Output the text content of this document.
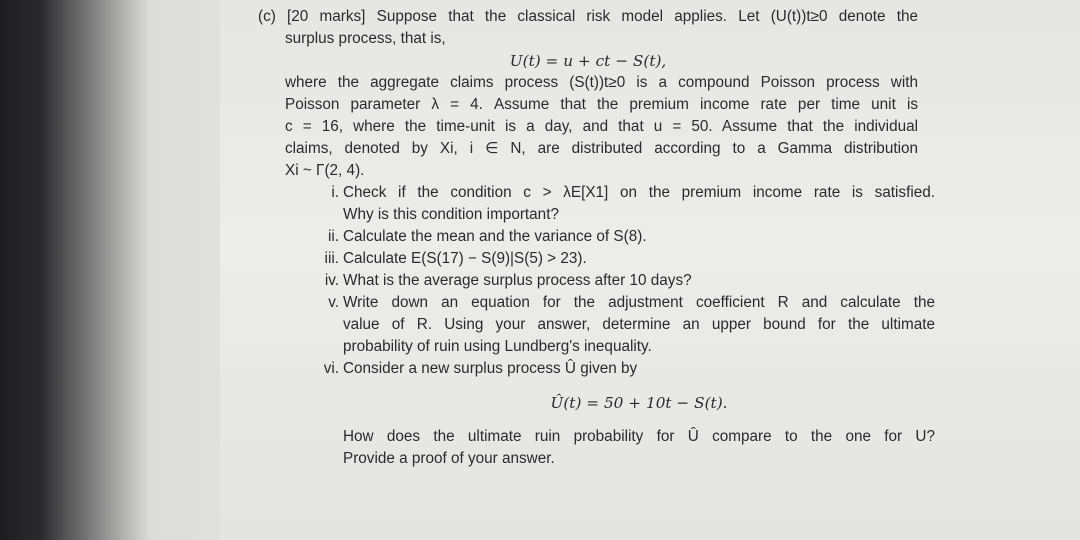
(c) [20 marks] Suppose that the classical risk model applies. Let (U(t))t≥0 denote the
surplus process, that is,
U(t) = u + ct − S(t),
where the aggregate claims process (S(t))t≥0 is a compound Poisson process with
Poisson parameter λ = 4. Assume that the premium income rate per time unit is
c = 16, where the time-unit is a day, and that u = 50. Assume that the individual
claims, denoted by Xi, i ∈ N, are distributed according to a Gamma distribution
Xi ~ Γ(2, 4).
i. Check if the condition c > λE[X1] on the premium income rate is satisfied.
Why is this condition important?
ii. Calculate the mean and the variance of S(8).
iii. Calculate E(S(17) − S(9)|S(5) > 23).
iv. What is the average surplus process after 10 days?
v. Write down an equation for the adjustment coefficient R and calculate the
value of R. Using your answer, determine an upper bound for the ultimate
probability of ruin using Lundberg's inequality.
vi. Consider a new surplus process Û given by
Û(t) = 50 + 10t − S(t).
How does the ultimate ruin probability for Û compare to the one for U?
Provide a proof of your answer.
